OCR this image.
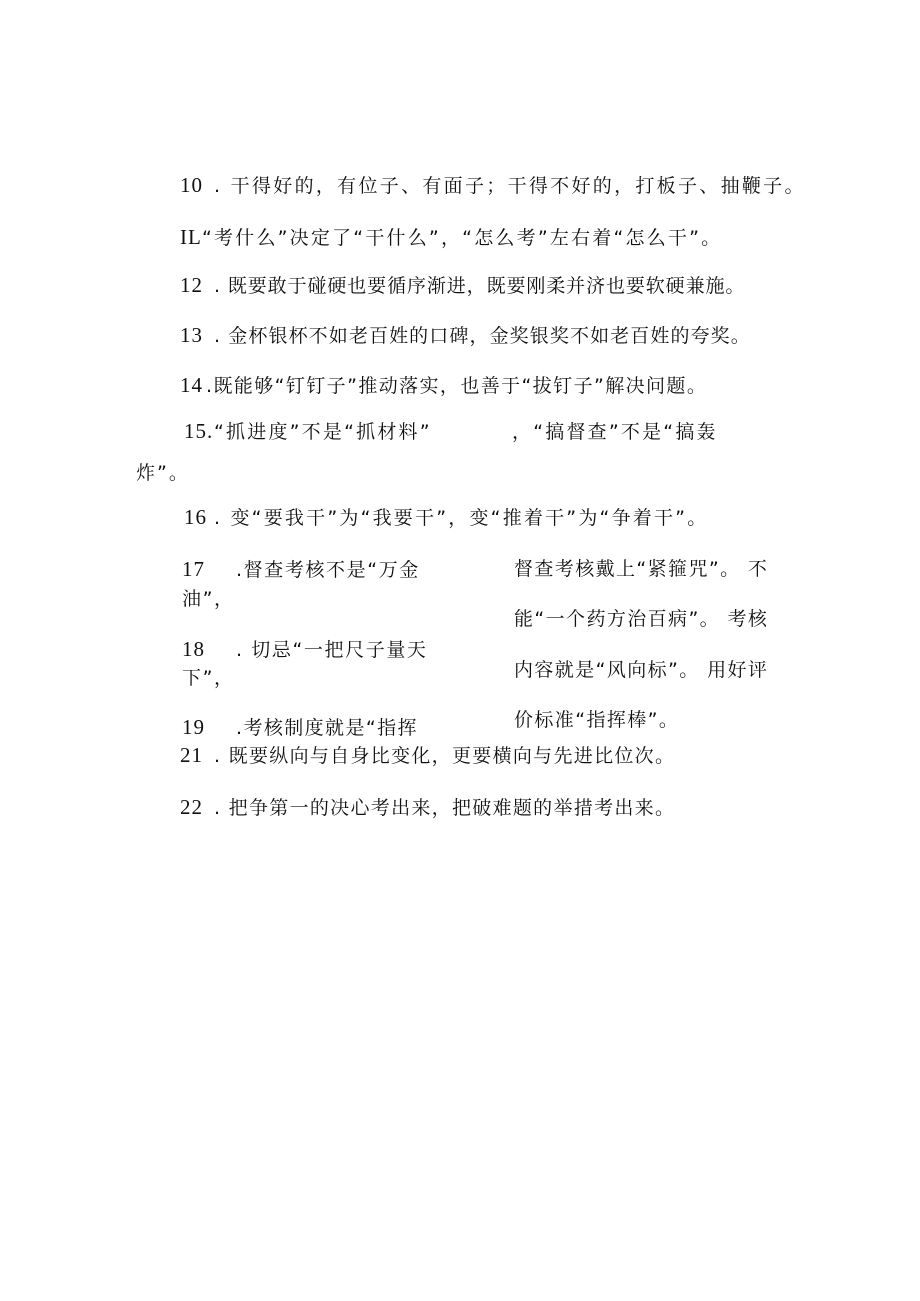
10 . 干得好的，有位子、有面子；干得不好的，打板子、抽鞭子。
IL “考什么”决定了“干什么”，“怎么考”左右着“怎么干”。
12 . 既要敢于碰硬也要循序渐进，既要刚柔并济也要软硬兼施。
13 . 金杯银杯不如老百姓的口碑，金奖银奖不如老百姓的夸奖。
14 .既能够“钉钉子”推动落实，也善于“拔钉子”解决问题。
15. “抓进度”不是“抓材料”	，“搞督查”不是“搞轰
炸”。
16 . 变“要我干”为“我要干”，变“推着干”为“争着干”。
17 .督查考核不是“万金
油”，
18 . 切忌“一把尺子量天
下”，
19 .考核制度就是“指挥
督查考核戴上“紧箍咒”。 不
能“一个药方治百病”。 考核
内容就是“风向标”。 用好评
价标准“指挥棒”。
21 . 既要纵向与自身比变化，更要横向与先进比位次。
22 . 把争第一的决心考出来，把破难题的举措考出来。
